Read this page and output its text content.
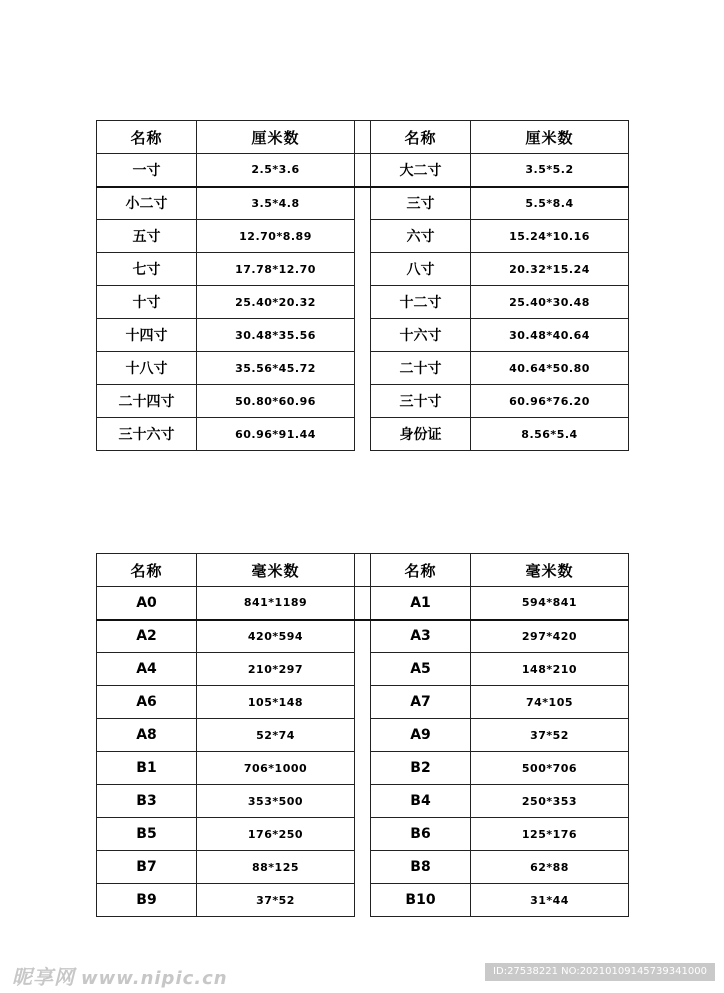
名称	厘米数		名称	厘米数
一寸	2.5*3.6		大二寸	3.5*5.2
小二寸	3.5*4.8		三寸	5.5*8.4
五寸	12.70*8.89		六寸	15.24*10.16
七寸	17.78*12.70		八寸	20.32*15.24
十寸	25.40*20.32		十二寸	25.40*30.48
十四寸	30.48*35.56		十六寸	30.48*40.64
十八寸	35.56*45.72		二十寸	40.64*50.80
二十四寸	50.80*60.96		三十寸	60.96*76.20
三十六寸	60.96*91.44		身份证	8.56*5.4
名称	毫米数		名称	毫米数
A0	841*1189		A1	594*841
A2	420*594		A3	297*420
A4	210*297		A5	148*210
A6	105*148		A7	74*105
A8	52*74		A9	37*52
B1	706*1000		B2	500*706
B3	353*500		B4	250*353
B5	176*250		B6	125*176
B7	88*125		B8	62*88
B9	37*52		B10	31*44
昵享网 www.nipic.cn	ID:27538221 NO:20210109145739341000
